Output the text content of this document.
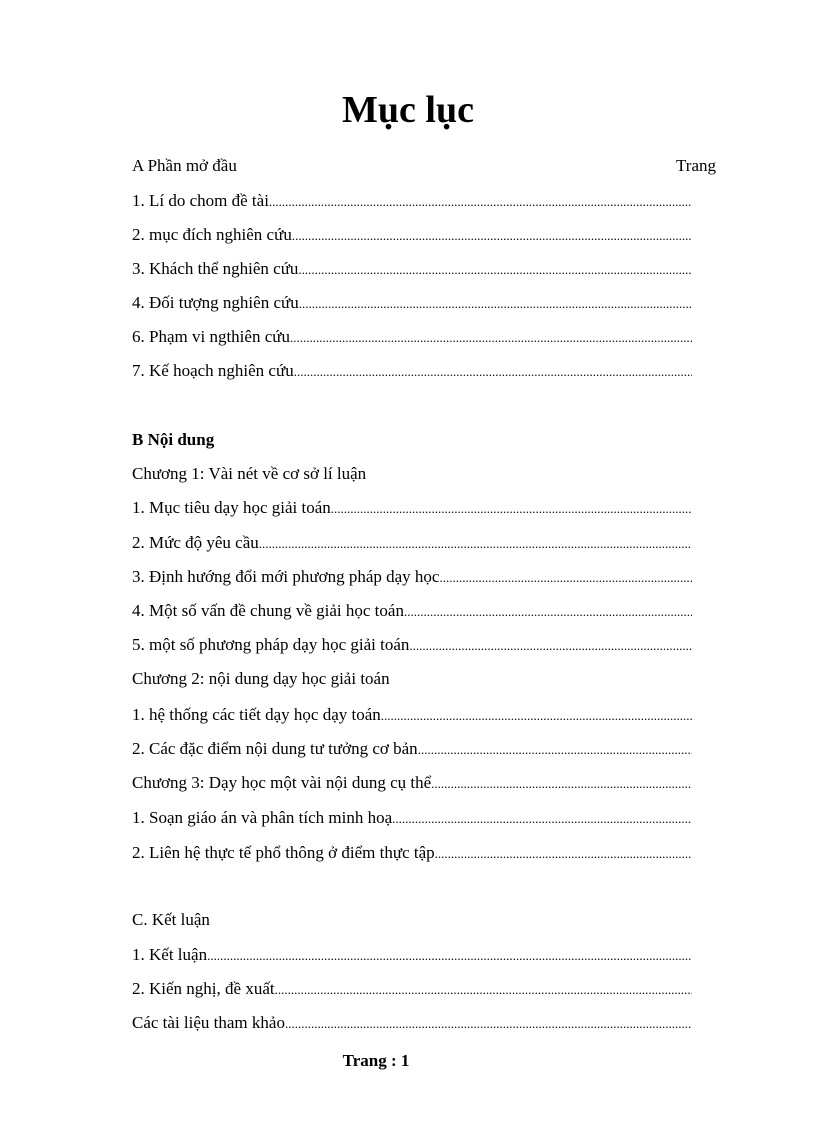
Mục lục
A Phần mở đầu	Trang
1. Lí do chom đề tài
.....
2. mục đích nghiên cứu
.....
3. Khách thể nghiên cứu
.....
4. Đối tượng nghiên cứu
.....
6. Phạm vi ngthiên cứu
.....
7. Kế hoạch nghiên cứu
.....
B Nội dung
Chương 1: Vài nét về cơ sở lí luận
1. Mục tiêu dạy học giải toán
.....
2. Mức độ yêu cầu
.....
3. Định hướng đổi mới phương pháp dạy học
.....
4. Một số vấn đề chung về giải học toán
.....
5. một số phương pháp dạy học giải toán
.....
Chương 2: nội dung dạy học giải toán
1. hệ thống các tiết dạy học dạy toán
.....
2. Các đặc điểm nội dung tư tưởng cơ bản
.....
Chương 3: Dạy học một vài nội dung cụ thể
.....
1. Soạn giáo án và phân tích minh hoạ
.....
2. Liên hệ thực tế phổ thông ở điểm thực tập
.....
C. Kết luận
1. Kết luận
.....
2. Kiến nghị, đề xuất
.....
Các tài liệu tham khảo
.....
Trang : 1
